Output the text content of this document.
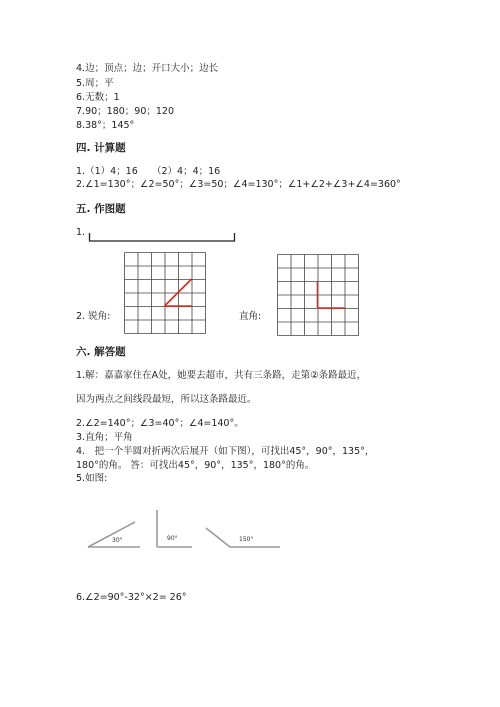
4.边；顶点；边；开口大小；边长
5.周；平
6.无数；1
7.90；180；90；120
8.38°；145°
四. 计算题
1.（1）4；16　　（2）4；4；16
2.∠1=130°；∠2=50°；∠3=50；∠4=130°；∠1+∠2+∠3+∠4=360°
五. 作图题
1.
2. 锐角:	直角:
六. 解答题
1.解：嘉嘉家住在A处，她要去超市，共有三条路，走第②条路最近，
因为两点之间线段最短，所以这条路最近。
2.∠2=140°；∠3=40°；∠4=140°。
3.直角；平角
4.　把一个半圆对折两次后展开（如下图），可找出45°，90°，135°，
180°的角。 答：可找出45°，90°，135°，180°的角。
5.如图:
30°	90°	150°
6.∠2=90°-32°×2= 26°
